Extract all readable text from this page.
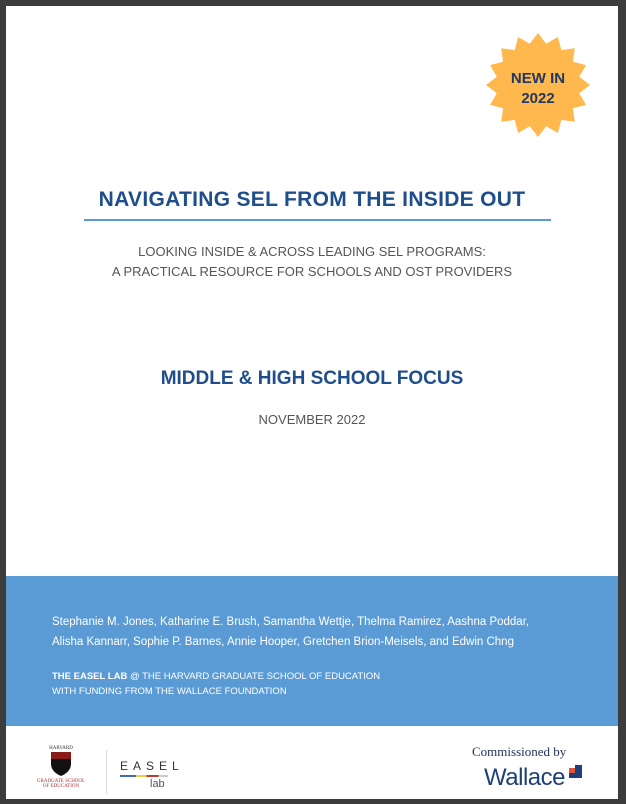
NEW IN
2022
NAVIGATING SEL FROM THE INSIDE OUT
LOOKING INSIDE & ACROSS LEADING SEL PROGRAMS:
A PRACTICAL RESOURCE FOR SCHOOLS AND OST PROVIDERS
MIDDLE & HIGH SCHOOL FOCUS
NOVEMBER 2022
Stephanie M. Jones, Katharine E. Brush, Samantha Wettje, Thelma Ramirez, Aashna Poddar,
Alisha Kannarr, Sophie P. Barnes, Annie Hooper, Gretchen Brion-Meisels, and Edwin Chng
THE EASEL LAB @ THE HARVARD GRADUATE SCHOOL OF EDUCATION
WITH FUNDING FROM THE WALLACE FOUNDATION
HARVARD
GRADUATE SCHOOL
OF EDUCATION
EASEL
lab
Commissioned by
Wallace
